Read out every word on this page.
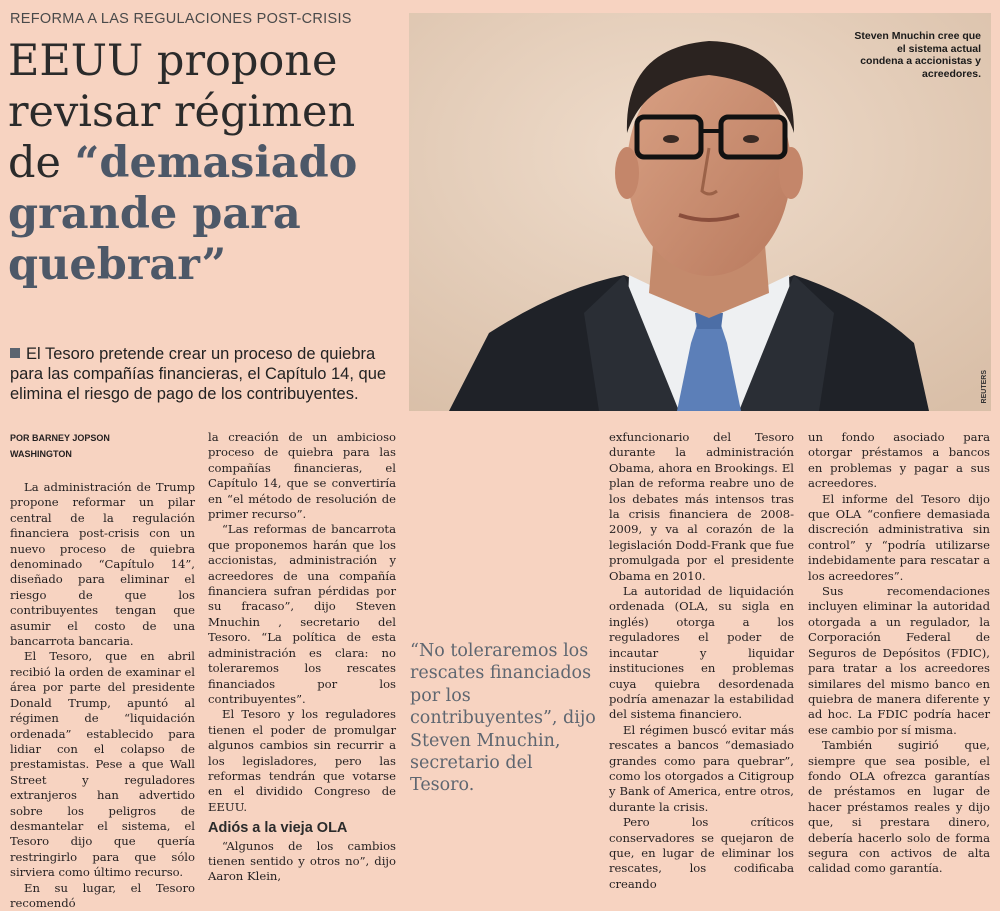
REFORMA A LAS REGULACIONES POST-CRISIS
EEUU propone revisar régimen de “demasiado grande para quebrar”
Steven Mnuchin cree que el sistema actual condena a accionistas y acreedores.
REUTERS
El Tesoro pretende crear un proceso de quiebra para las compañías financieras, el Capítulo 14, que elimina el riesgo de pago de los contribuyentes.
POR BARNEY JOPSON
WASHINGTON

La administración de Trump propone reformar un pilar central de la regulación financiera post-crisis con un nuevo proceso de quiebra denominado “Capítulo 14”, diseñado para eliminar el riesgo de que los contribuyentes tengan que asumir el costo de una bancarrota bancaria.

El Tesoro, que en abril recibió la orden de examinar el área por parte del presidente Donald Trump, apuntó al régimen de “liquidación ordenada” establecido para lidiar con el colapso de prestamistas. Pese a que Wall Street y reguladores extranjeros han advertido sobre los peligros de desmantelar el sistema, el Tesoro dijo que quería restringirlo para que sólo sirviera como último recurso.

En su lugar, el Tesoro recomendó

la creación de un ambicioso proceso de quiebra para las compañías financieras, el Capítulo 14, que se convertiría en “el método de resolución de primer recurso”.

“Las reformas de bancarrota que proponemos harán que los accionistas, administración y acreedores de una compañía financiera sufran pérdidas por su fracaso”, dijo Steven Mnuchin , secretario del Tesoro. “La política de esta administración es clara: no toleraremos los rescates financiados por los contribuyentes”.

El Tesoro y los reguladores tienen el poder de promulgar algunos cambios sin recurrir a los legisladores, pero las reformas tendrán que votarse en el dividido Congreso de EEUU.

Adiós a la vieja OLA

“Algunos de los cambios tienen sentido y otros no”, dijo Aaron Klein,

exfuncionario del Tesoro durante la administración Obama, ahora en Brookings. El plan de reforma reabre uno de los debates más intensos tras la crisis financiera de 2008-2009, y va al corazón de la legislación Dodd-Frank que fue promulgada por el presidente Obama en 2010.

La autoridad de liquidación ordenada (OLA, su sigla en inglés) otorga a los reguladores el poder de incautar y liquidar instituciones en problemas cuya quiebra desordenada podría amenazar la estabilidad del sistema financiero.

El régimen buscó evitar más rescates a bancos “demasiado grandes como para quebrar”, como los otorgados a Citigroup y Bank of America, entre otros, durante la crisis.

Pero los críticos conservadores se quejaron de que, en lugar de eliminar los rescates, los codificaba creando

un fondo asociado para otorgar préstamos a bancos en problemas y pagar a sus acreedores.

El informe del Tesoro dijo que OLA “confiere demasiada discreción administrativa sin control” y “podría utilizarse indebidamente para rescatar a los acreedores”.

Sus recomendaciones incluyen eliminar la autoridad otorgada a un regulador, la Corporación Federal de Seguros de Depósitos (FDIC), para tratar a los acreedores similares del mismo banco en quiebra de manera diferente y ad hoc. La FDIC podría hacer ese cambio por sí misma.

También sugirió que, siempre que sea posible, el fondo OLA ofrezca garantías de préstamos en lugar de hacer préstamos reales y dijo que, si prestara dinero, debería hacerlo solo de forma segura con activos de alta calidad como garantía.

“No toleraremos los rescates financiados por los contribuyentes”, dijo Steven Mnuchin, secretario del Tesoro.
